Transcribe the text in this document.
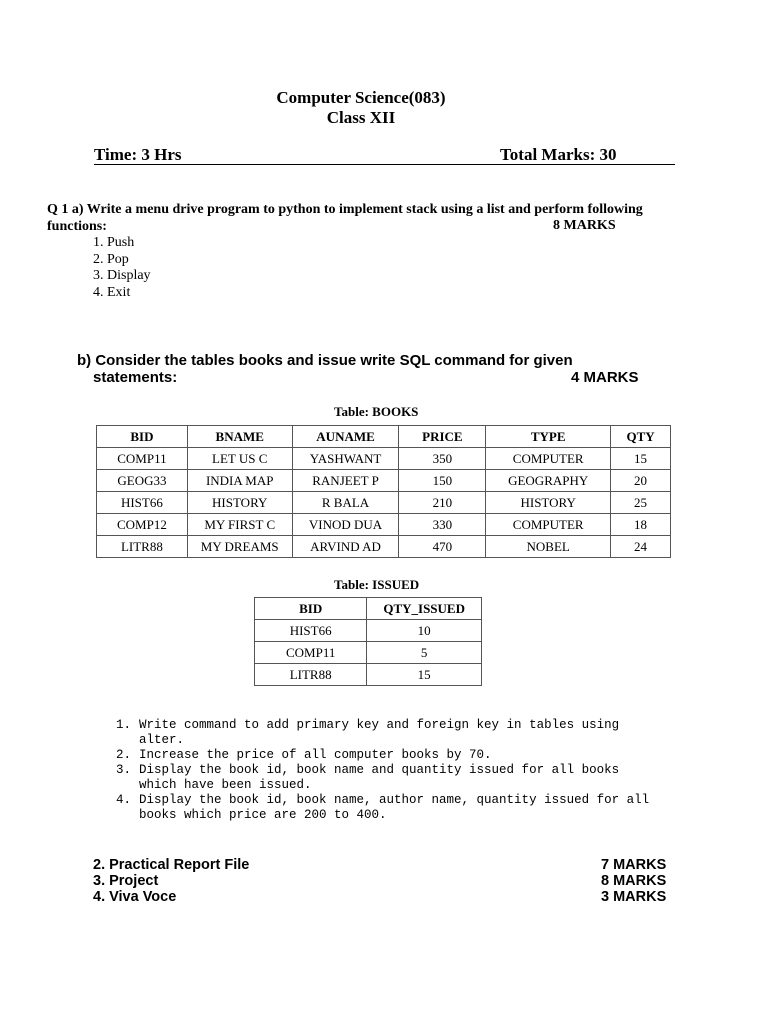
Computer Science(083)
Class XII
Time: 3 Hrs	Total Marks: 30
Q 1 a) Write a menu drive program to python to implement stack using a list and perform following functions:	8 MARKS
1. Push
2. Pop
3. Display
4. Exit
b) Consider the tables books and issue write SQL command for given
statements:	4 MARKS
Table: BOOKS
BID	BNAME	AUNAME	PRICE	TYPE	QTY
COMP11	LET US C	YASHWANT	350	COMPUTER	15
GEOG33	INDIA MAP	RANJEET P	150	GEOGRAPHY	20
HIST66	HISTORY	R BALA	210	HISTORY	25
COMP12	MY FIRST C	VINOD DUA	330	COMPUTER	18
LITR88	MY DREAMS	ARVIND AD	470	NOBEL	24
Table: ISSUED
BID	QTY_ISSUED
HIST66	10
COMP11	5
LITR88	15
1. Write command to add primary key and foreign key in tables using alter.
2. Increase the price of all computer books by 70.
3. Display the book id, book name and quantity issued for all books which have been issued.
4. Display the book id, book name, author name, quantity issued for all books which price are 200 to 400.
2. Practical Report File	7 MARKS
3. Project	8 MARKS
4. Viva Voce	3 MARKS
